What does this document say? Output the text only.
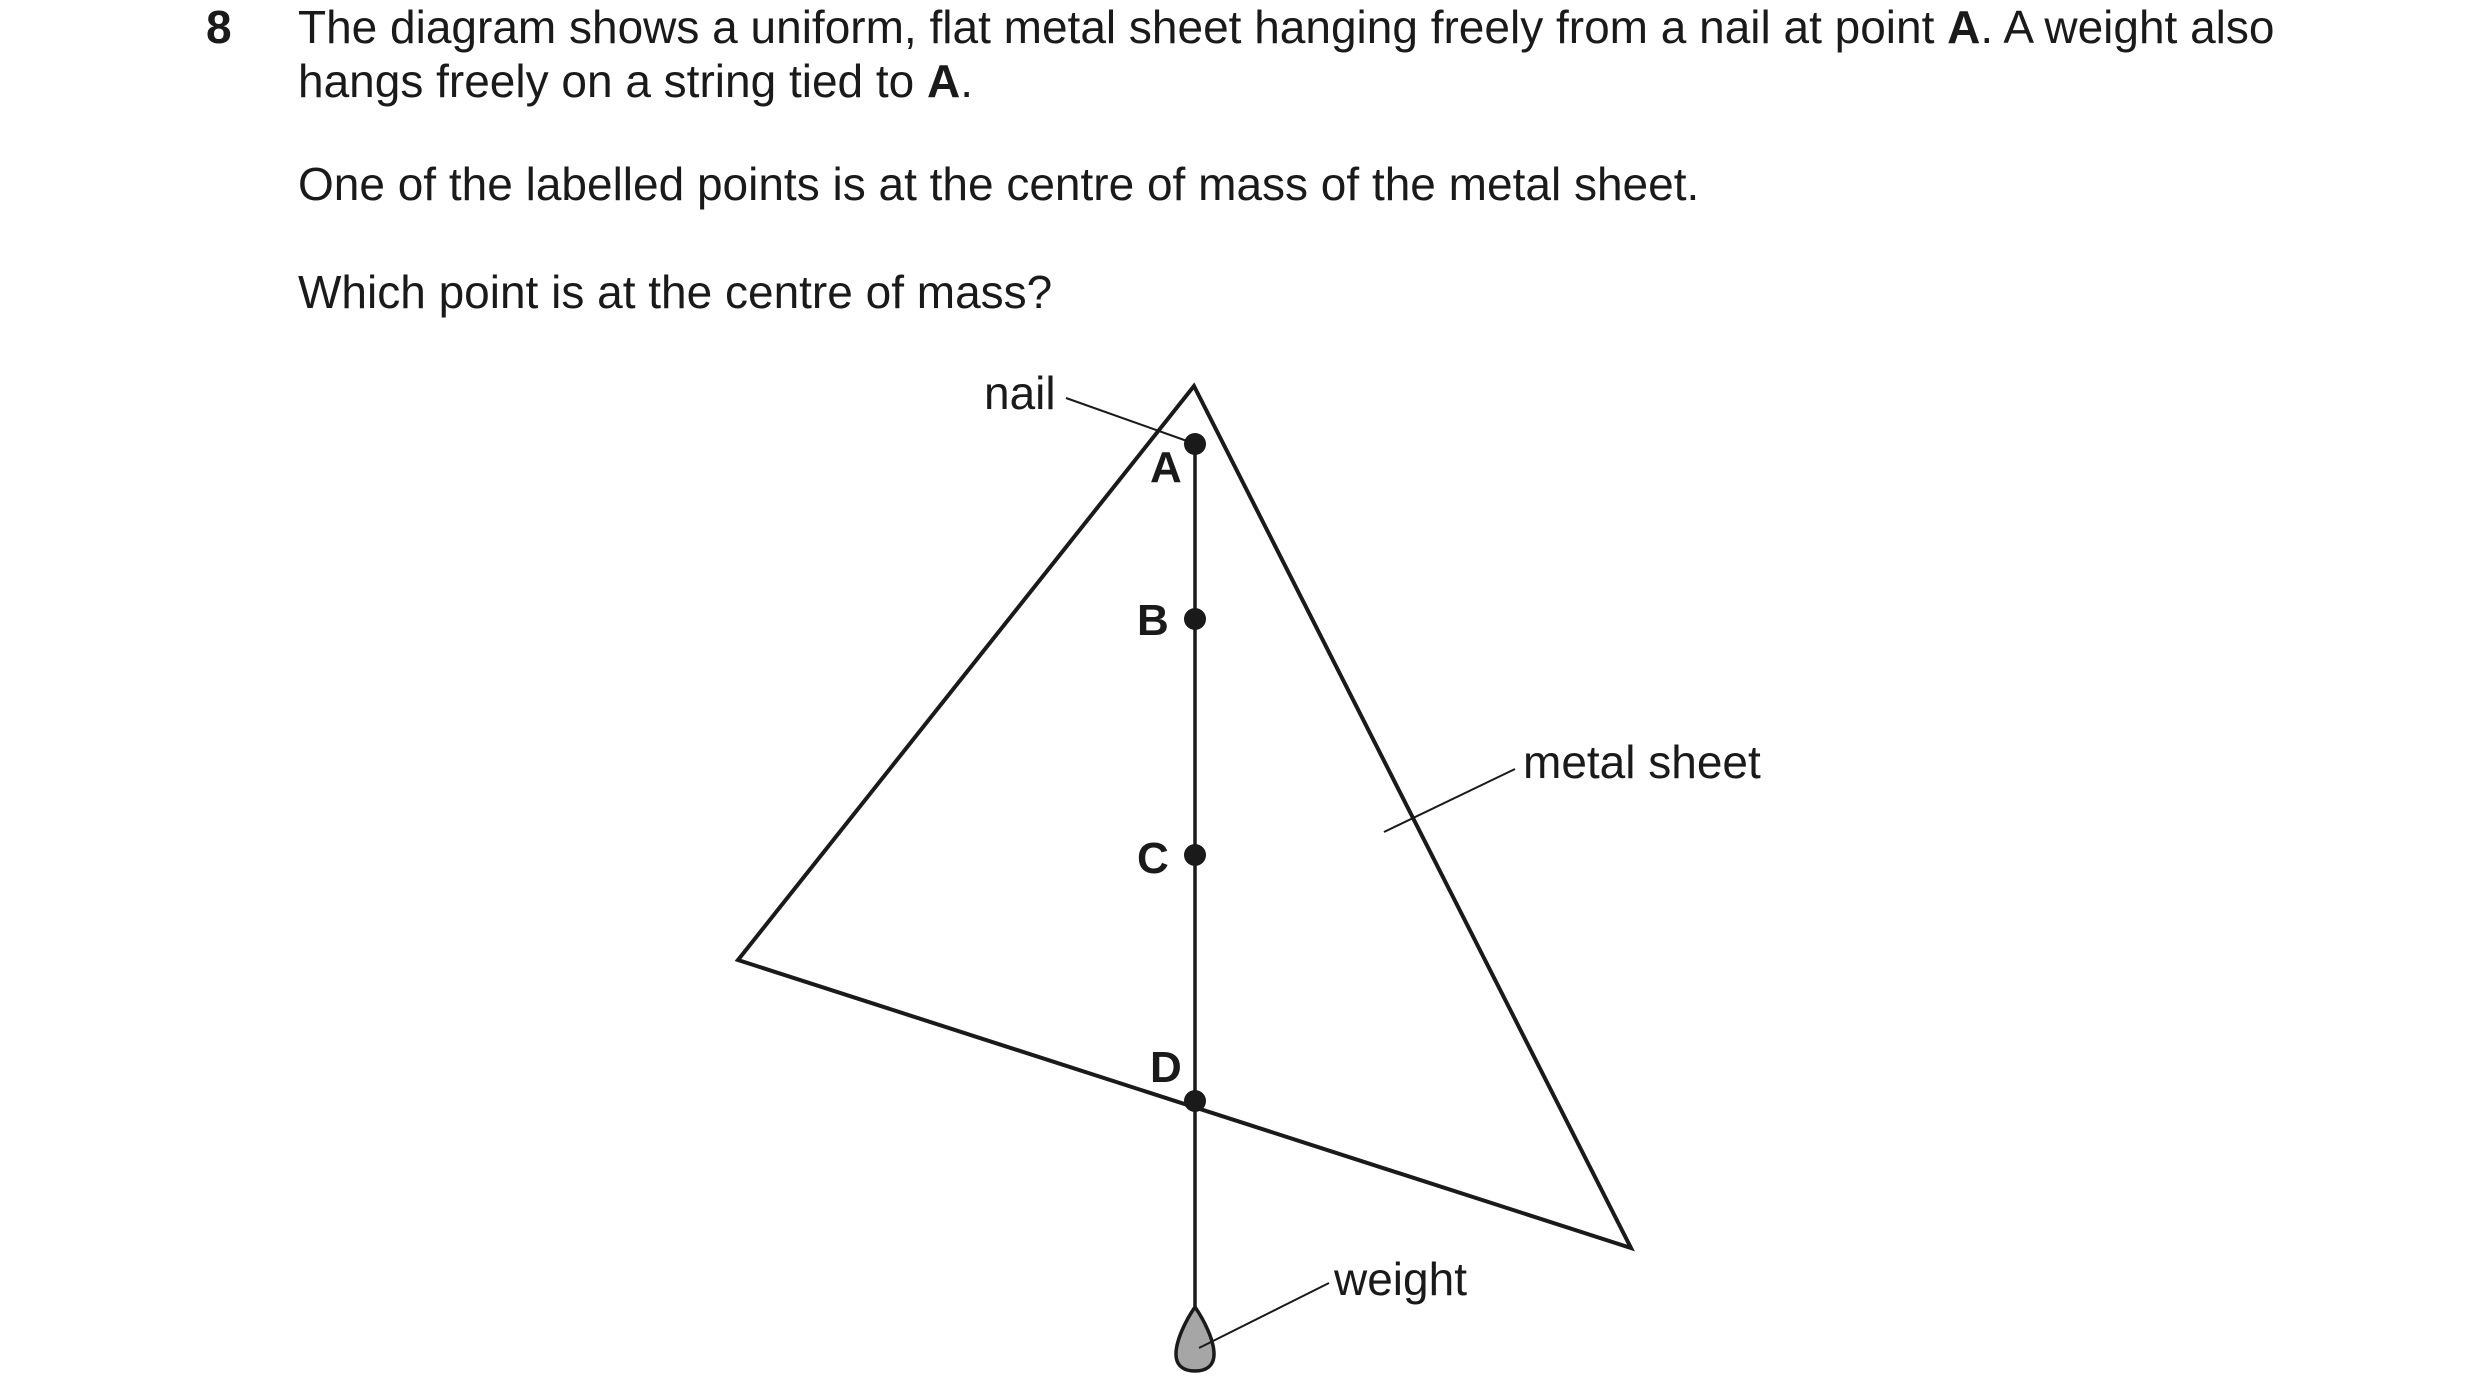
8 The diagram shows a uniform, flat metal sheet hanging freely from a nail at point A. A weight also
hangs freely on a string tied to A.
One of the labelled points is at the centre of mass of the metal sheet.
Which point is at the centre of mass?
A
B
C
D
nail
metal sheet
weight
